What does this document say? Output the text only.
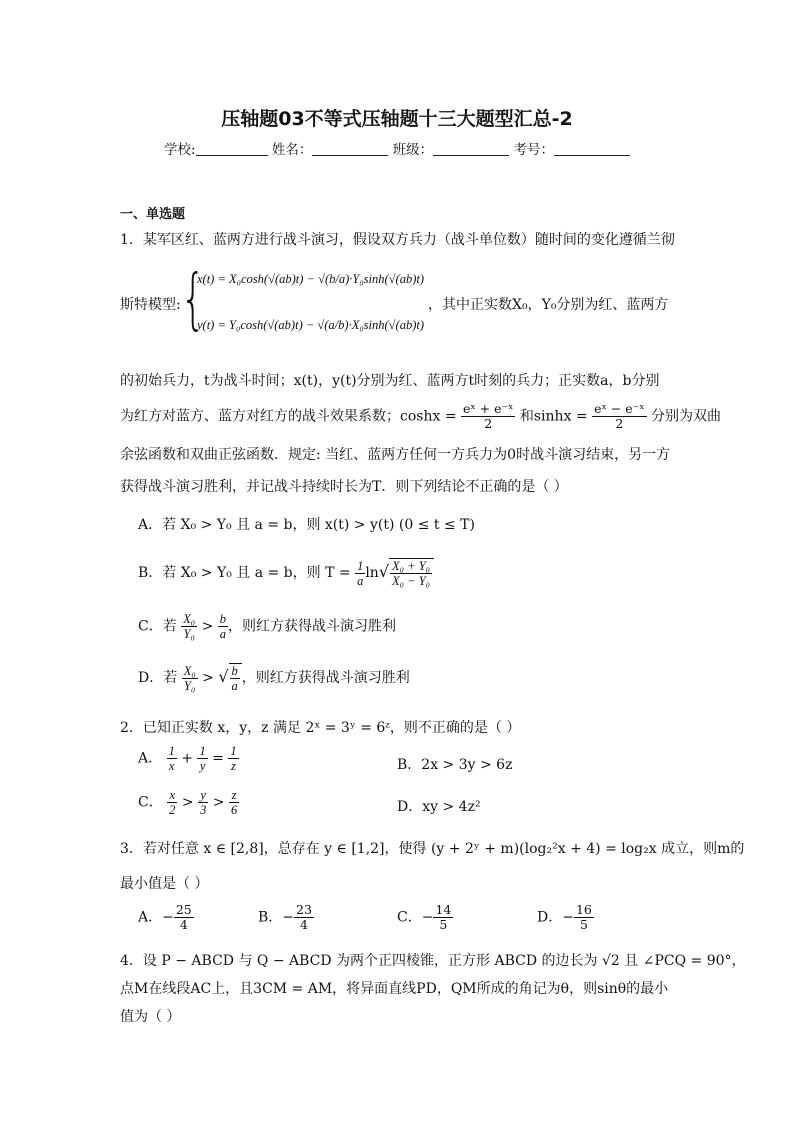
压轴题03不等式压轴题十三大题型汇总-2
学校:	姓名：	班级：	考号：
一、单选题
1．某军区红、蓝两方进行战斗演习，假设双方兵力（战斗单位数）随时间的变化遵循兰彻
斯特模型: {
x(t) = X₀cosh(√(ab)t) − √(b/a)·Y₀sinh(√(ab)t)
y(t) = Y₀cosh(√(ab)t) − √(a/b)·X₀sinh(√(ab)t)
，其中正实数X₀，Y₀分别为红、蓝两方
的初始兵力，t为战斗时间；x(t)，y(t)分别为红、蓝两方t时刻的兵力；正实数a，b分别
为红方对蓝方、蓝方对红方的战斗效果系数；$\cosh x = \frac{\text{eˣ + e⁻ˣ}}{2}$ 和$\sinh x = \frac{\text{eˣ − e⁻ˣ}}{2}$ 分别为双曲
余弦函数和双曲正弦函数．规定: 当红、蓝两方任何一方兵力为0时战斗演习结束，另一方
获得战斗演习胜利，并记战斗持续时长为T．则下列结论不正确的是（ ）
A．若 X₀ > Y₀ 且 a = b，则 x(t) > y(t) (0 ≤ t ≤ T)
B．若 X₀ > Y₀ 且 a = b，则 $T = \frac{1}{a} \ln√ \frac{\text{X₀ + Y₀}}{\text{X₀ − Y₀}}$
C．若 $\frac{\text{X₀}}{\text{Y₀}} > \frac{b}{a}$ ，则红方获得战斗演习胜利
D．若 $\frac{\text{X₀}}{\text{Y₀}}$ > √ $\frac{b}{a}$ ，则红方获得战斗演习胜利
2．已知正实数 x，y，z 满足 2ˣ = 3ʸ = 6ᶻ，则不正确的是（ ）
A． $\frac{1}{x} + \frac{1}{y} = \frac{1}{z}$	B．2x > 3y > 6z
C． $\frac{x}{2} > \frac{y}{3} > \frac{z}{6}$	D．xy > 4z²
3．若对任意 x ∈ [2,8]，总存在 y ∈ [1,2]，使得 (y + 2ʸ + m)(log₂²x + 4) = log₂x 成立，则m的
最小值是（ ）
A．− $\frac{25}{4}$	B．− $\frac{23}{4}$	C．− $\frac{14}{5}$	D．− $\frac{16}{5}$
4．设 P − ABCD 与 Q − ABCD 为两个正四棱锥，正方形 ABCD 的边长为 √2 且 ∠PCQ = 90°，
点M在线段AC上，且3CM = AM，将异面直线PD，QM所成的角记为θ，则sinθ的最小
值为（ ）
